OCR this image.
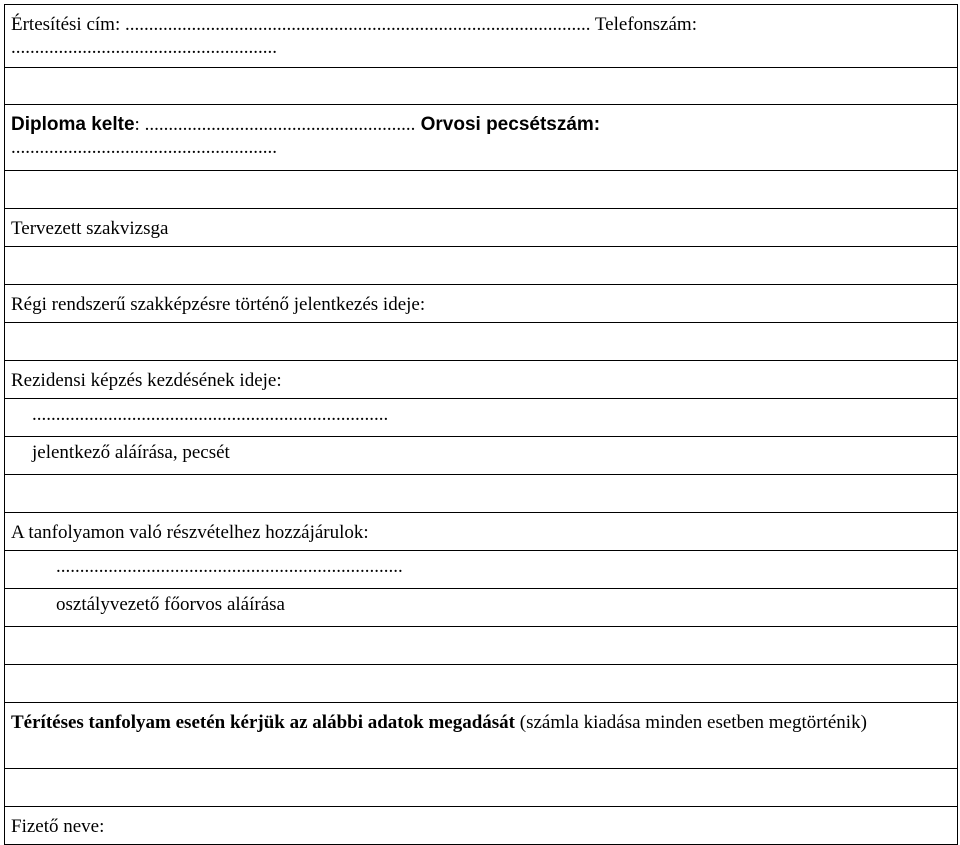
Értesítési cím: .................................................................................................. Telefonszám:
........................................................

Diploma kelte: ......................................................... Orvosi pecsétszám:
........................................................

Tervezett szakvizsga

Régi rendszerű szakképzésre történő jelentkezés ideje:

Rezidensi képzés kezdésének ideje:
...........................................................................
jelentkező aláírása, pecsét

A tanfolyamon való részvételhez hozzájárulok:
.........................................................................
osztályvezető főorvos aláírása

Térítéses tanfolyam esetén kérjük az alábbi adatok megadását (számla kiadása minden esetben megtörténik)

Fizető neve:
